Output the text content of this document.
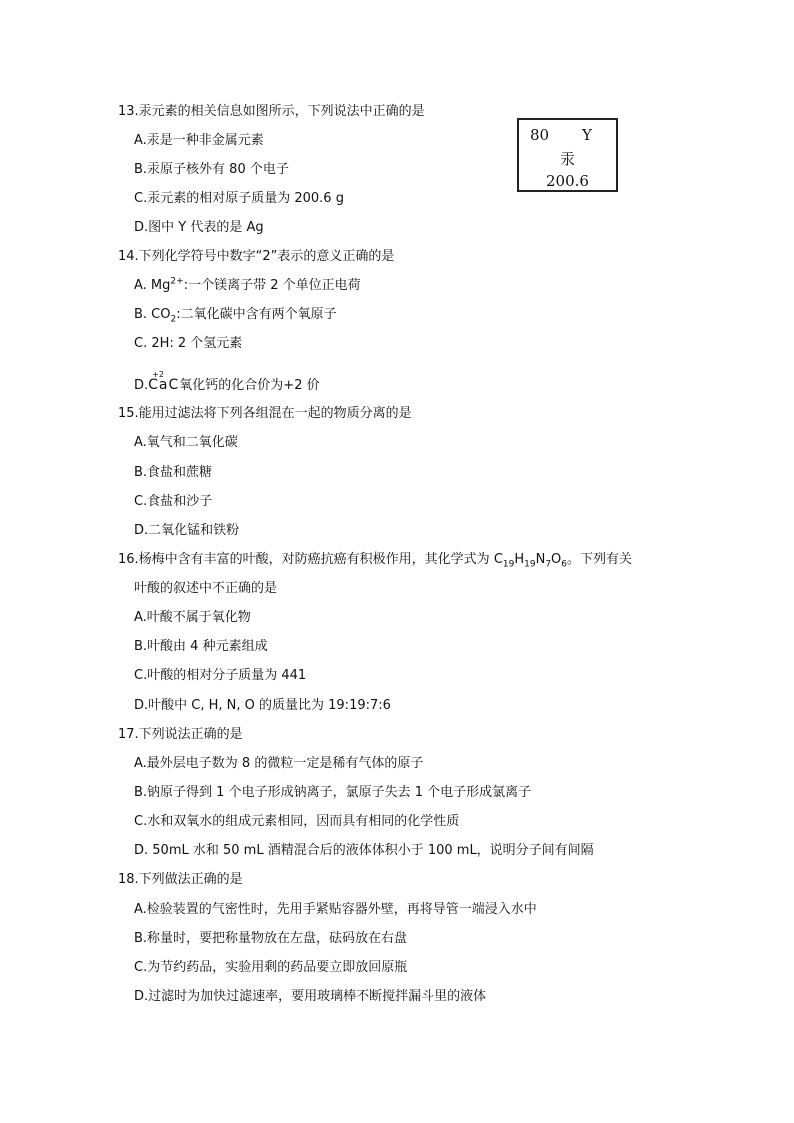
13.汞元素的相关信息如图所示，下列说法中正确的是
A.汞是一种非金属元素
B.汞原子核外有 80 个电子
C.汞元素的相对原子质量为 200.6 g
D.图中 Y 代表的是 Ag
80 Y
汞
200.6
14.下列化学符号中数字“2”表示的意义正确的是
A. $Mg^{2+}$:一个镁离子带 2 个单位正电荷
B. $CO_2$:二氧化碳中含有两个氧原子
C. 2H: 2 个氢元素
D.
+2
CaC氧化钙的化合价为+2 价
15.能用过滤法将下列各组混在一起的物质分离的是
A.氧气和二氧化碳
B.食盐和蔗糖
C.食盐和沙子
D.二氧化锰和铁粉
16.杨梅中含有丰富的叶酸，对防癌抗癌有积极作用，其化学式为 $C_{19}H_{19}N_7O_6$。下列有关
叶酸的叙述中不正确的是
A.叶酸不属于氧化物
B.叶酸由 4 种元素组成
C.叶酸的相对分子质量为 441
D.叶酸中 C, H, N, O 的质量比为 19:19:7:6
17.下列说法正确的是
A.最外层电子数为 8 的微粒一定是稀有气体的原子
B.钠原子得到 1 个电子形成钠离子，氯原子失去 1 个电子形成氯离子
C.水和双氧水的组成元素相同，因而具有相同的化学性质
D. 50mL 水和 50 mL 酒精混合后的液体体积小于 100 mL，说明分子间有间隔
18.下列做法正确的是
A.检验装置的气密性时，先用手紧贴容器外壁，再将导管一端浸入水中
B.称量时，要把称量物放在左盘，砝码放在右盘
C.为节约药品，实验用剩的药品要立即放回原瓶
D.过滤时为加快过滤速率，要用玻璃棒不断搅拌漏斗里的液体
